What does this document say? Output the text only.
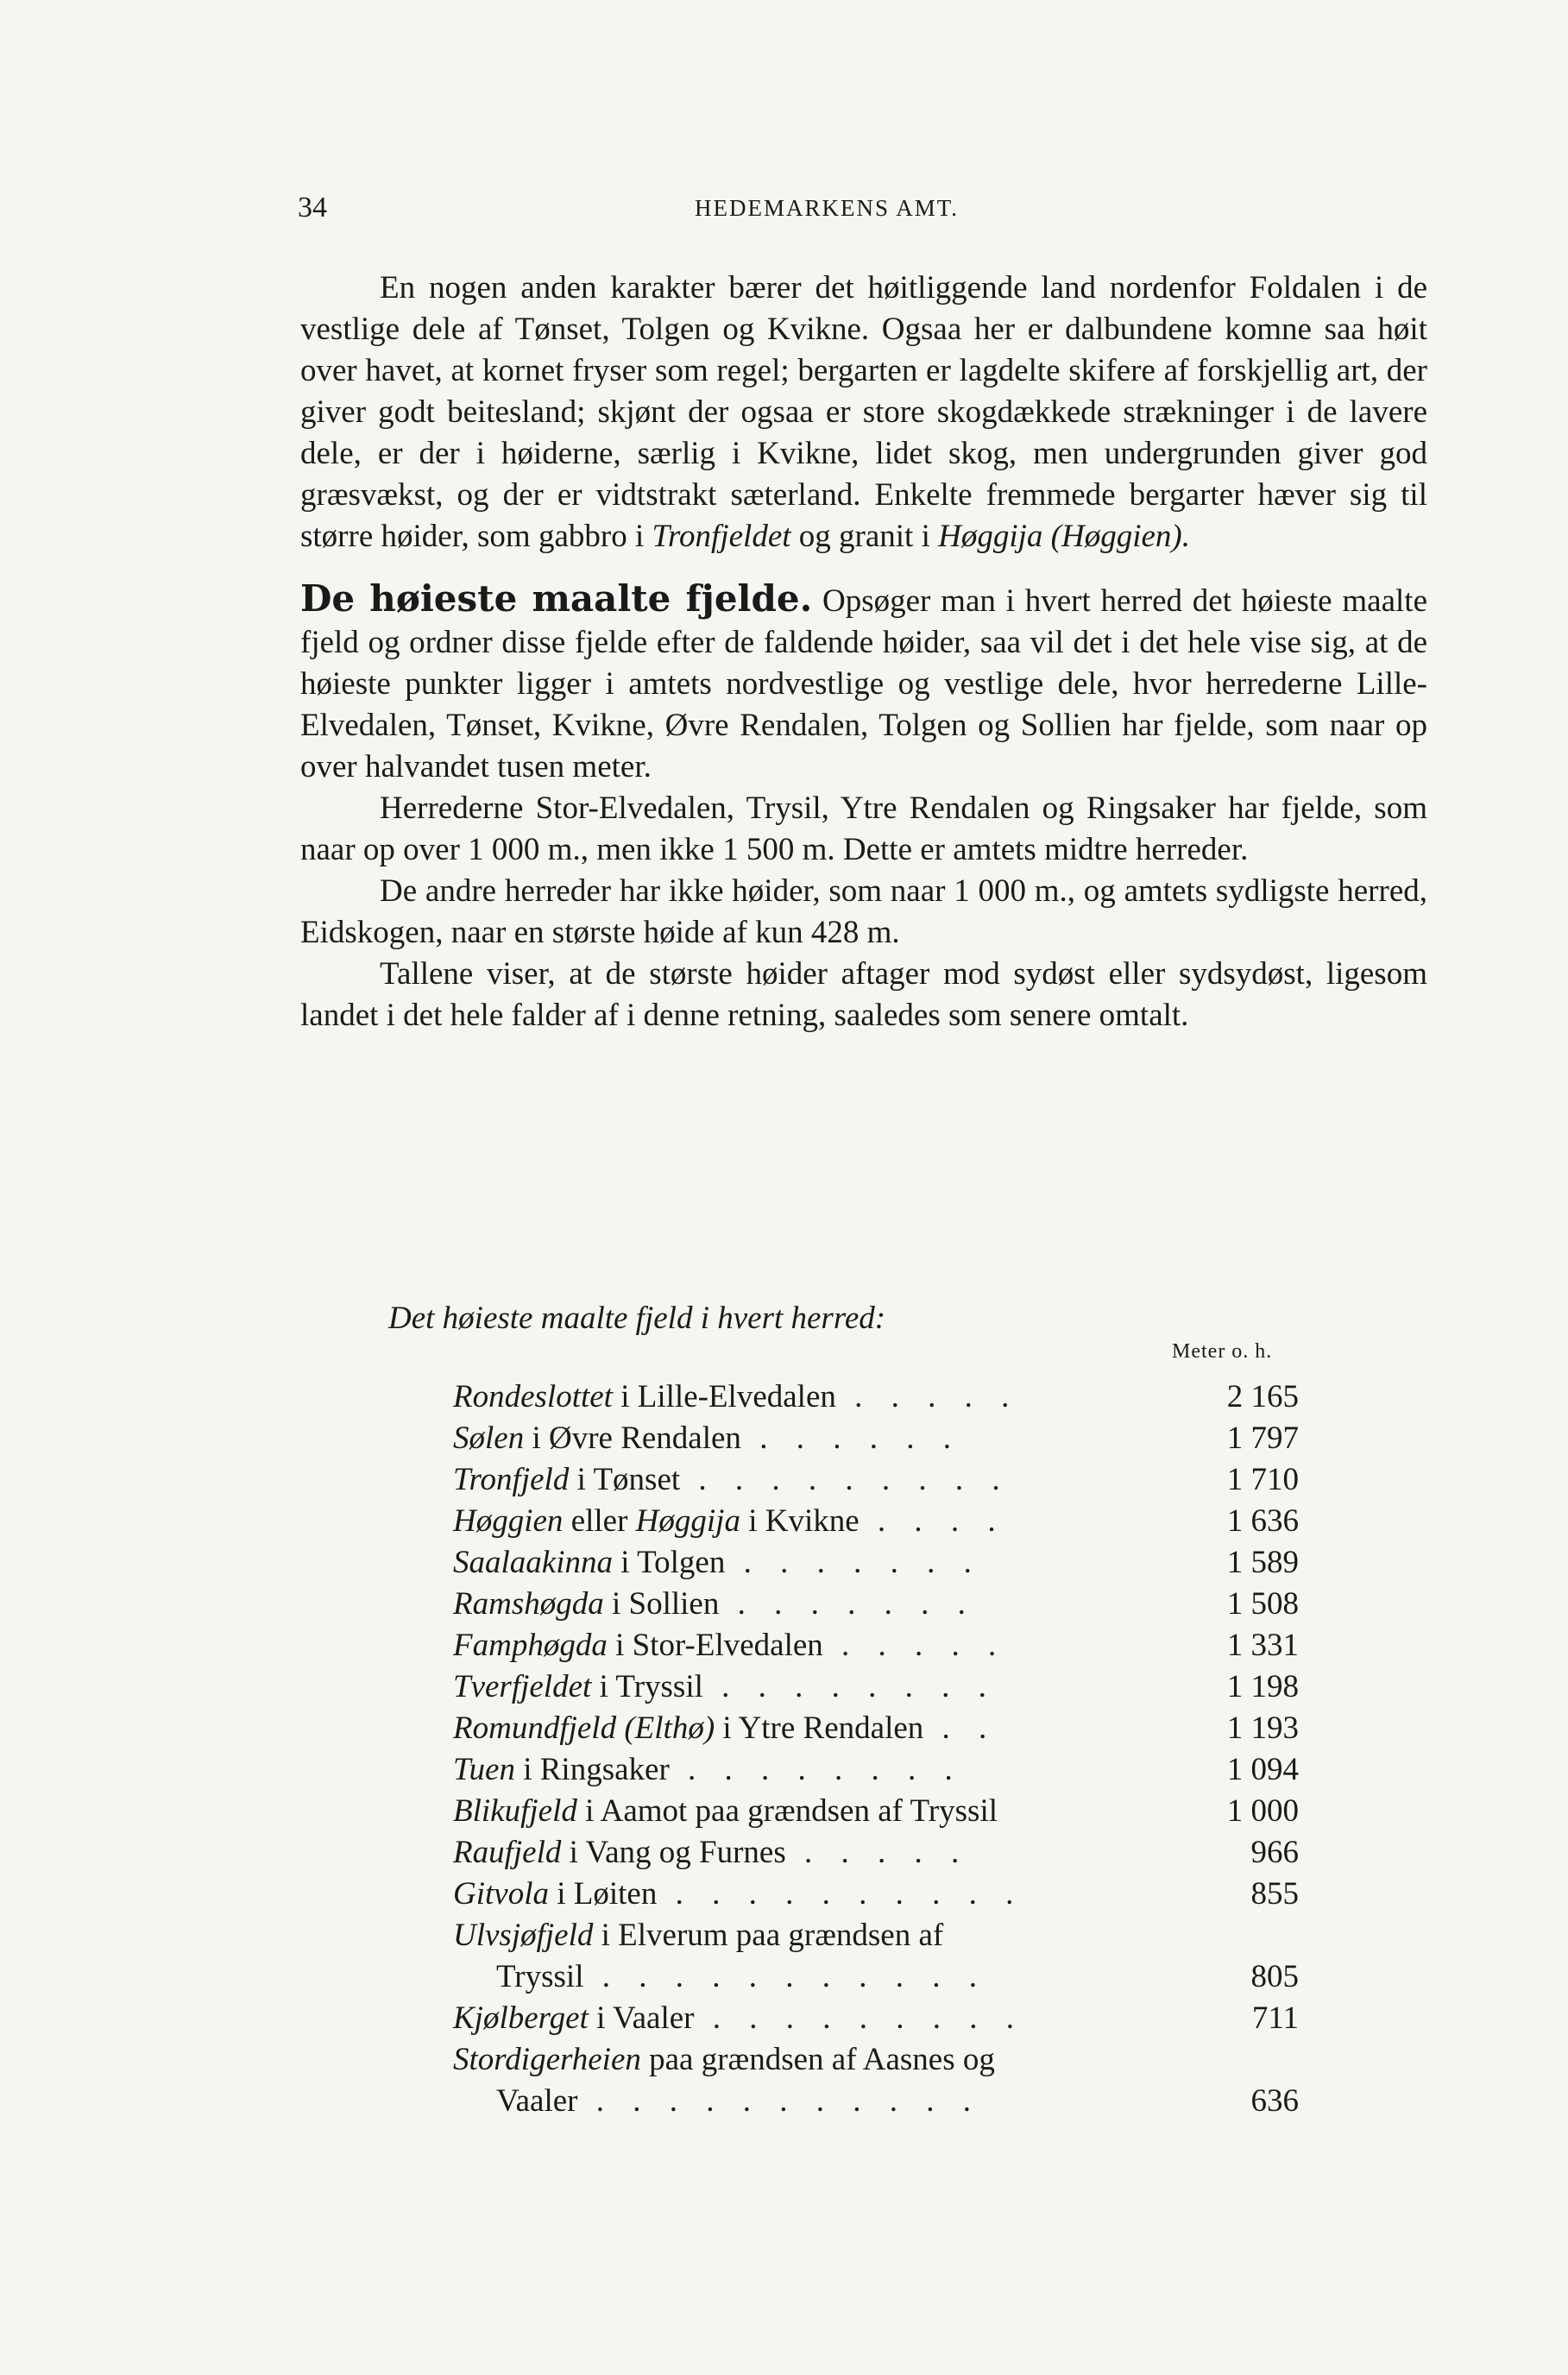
34	HEDEMARKENS AMT.

En nogen anden karakter bærer det høitliggende land nordenfor Foldalen i de vestlige dele af Tønset, Tolgen og Kvikne. Ogsaa her er dalbundene komne saa høit over havet, at kornet fryser som regel; bergarten er lagdelte skifere af forskjellig art, der giver godt beitesland; skjønt der ogsaa er store skogdækkede strækninger i de lavere dele, er der i høiderne, særlig i Kvikne, lidet skog, men undergrunden giver god græsvækst, og der er vidtstrakt sæterland. Enkelte fremmede bergarter hæver sig til større høider, som gabbro i Tronfjeldet og granit i Høggija (Høggien).

De høieste maalte fjelde. Opsøger man i hvert herred det høieste maalte fjeld og ordner disse fjelde efter de faldende høider, saa vil det i det hele vise sig, at de høieste punkter ligger i amtets nordvestlige og vestlige dele, hvor herrederne Lille-Elvedalen, Tønset, Kvikne, Øvre Rendalen, Tolgen og Sollien har fjelde, som naar op over halvandet tusen meter.

Herrederne Stor-Elvedalen, Trysil, Ytre Rendalen og Ringsaker har fjelde, som naar op over 1 000 m., men ikke 1 500 m. Dette er amtets midtre herreder.

De andre herreder har ikke høider, som naar 1 000 m., og amtets sydligste herred, Eidskogen, naar en største høide af kun 428 m.

Tallene viser, at de største høider aftager mod sydøst eller sydsydøst, ligesom landet i det hele falder af i denne retning, saaledes som senere omtalt.

Det høieste maalte fjeld i hvert herred:
Meter o. h.
Rondeslottet i Lille-Elvedalen . . . . .	2 165
Sølen i Øvre Rendalen . . . . . .	1 797
Tronfjeld i Tønset . . . . . . . . .	1 710
Høggien eller Høggija i Kvikne . . . .	1 636
Saalaakinna i Tolgen . . . . . . .	1 589
Ramshøgda i Sollien . . . . . . .	1 508
Famphøgda i Stor-Elvedalen . . . . .	1 331
Tverfjeldet i Tryssil . . . . . . . .	1 198
Romundfjeld (Elthø) i Ytre Rendalen . .	1 193
Tuen i Ringsaker . . . . . . . .	1 094
Blikufjeld i Aamot paa grændsen af Tryssil	1 000
Raufjeld i Vang og Furnes . . . . .	966
Gitvola i Løiten . . . . . . . . . .	855
Ulvsjøfjeld i Elverum paa grændsen af
Tryssil . . . . . . . . . . .	805
Kjølberget i Vaaler . . . . . . . . .	711
Stordigerheien paa grændsen af Aasnes og
Vaaler . . . . . . . . . . .	636
